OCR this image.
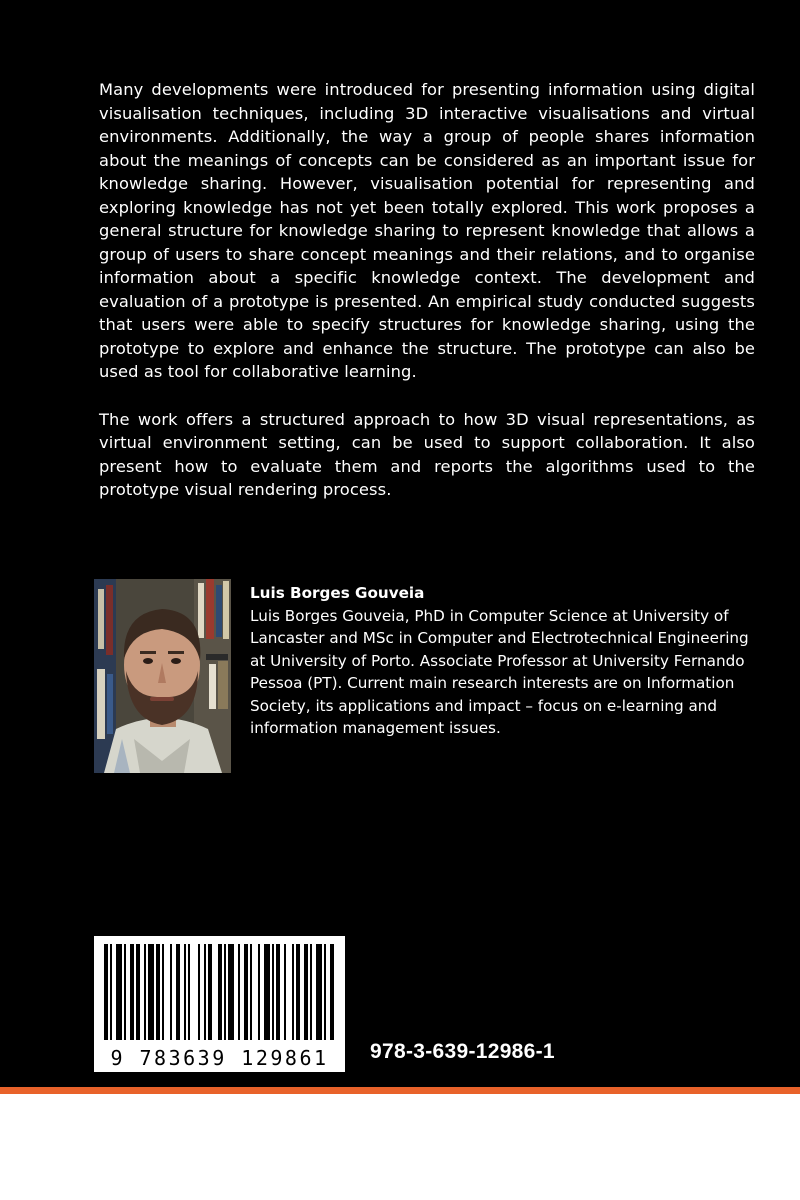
Many developments were introduced for presenting information using digital visualisation techniques, including 3D interactive visualisations and virtual environments. Additionally, the way a group of people shares information about the meanings of concepts can be considered as an important issue for knowledge sharing. However, visualisation potential for representing and exploring knowledge has not yet been totally explored. This work proposes a general structure for knowledge sharing to represent knowledge that allows a group of users to share concept meanings and their relations, and to organise information about a specific knowledge context. The development and evaluation of a prototype is presented. An empirical study conducted suggests that users were able to specify structures for knowledge sharing, using the prototype to explore and enhance the structure. The prototype can also be used as tool for collaborative learning.

The work offers a structured approach to how 3D visual representations, as virtual environment setting, can be used to support collaboration. It also present how to evaluate them and reports the algorithms used to the prototype visual rendering process.

Luis Borges Gouveia
Luis Borges Gouveia, PhD in Computer Science at University of Lancaster and MSc in Computer and Electrotechnical Engineering at University of Porto. Associate Professor at University Fernando Pessoa (PT). Current main research interests are on Information Society, its applications and impact – focus on e-learning and information management issues.
9 783639 129861	978-3-639-12986-1
